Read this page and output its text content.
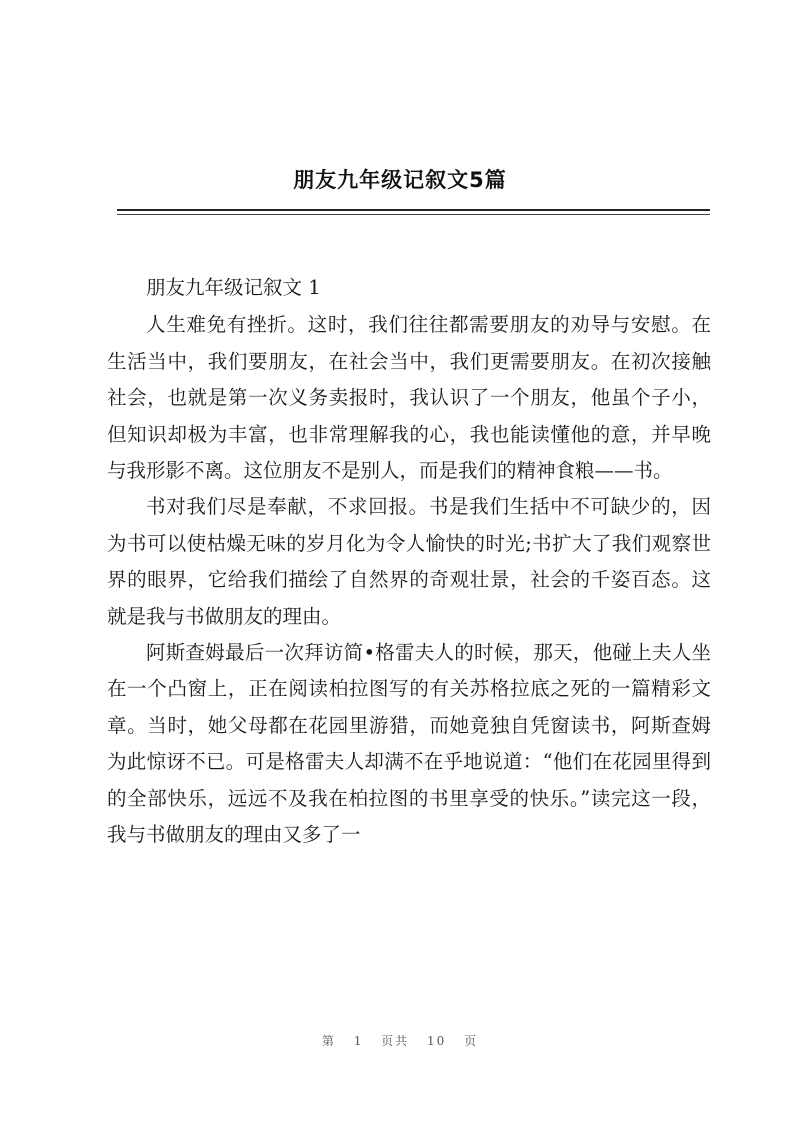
朋友九年级记叙文5篇

朋友九年级记叙文 1

人生难免有挫折。这时，我们往往都需要朋友的劝导与安慰。在生活当中，我们要朋友，在社会当中，我们更需要朋友。在初次接触社会，也就是第一次义务卖报时，我认识了一个朋友，他虽个子小，但知识却极为丰富，也非常理解我的心，我也能读懂他的意，并早晚与我形影不离。这位朋友不是别人，而是我们的精神食粮——书。

书对我们尽是奉献，不求回报。书是我们生括中不可缺少的，因为书可以使枯燥无味的岁月化为令人愉快的时光;书扩大了我们观察世界的眼界，它给我们描绘了自然界的奇观壮景，社会的千姿百态。这就是我与书做朋友的理由。

阿斯查姆最后一次拜访简•格雷夫人的时候，那天，他碰上夫人坐在一个凸窗上，正在阅读柏拉图写的有关苏格拉底之死的一篇精彩文章。当时，她父母都在花园里游猎，而她竟独自凭窗读书，阿斯查姆为此惊讶不已。可是格雷夫人却满不在乎地说道：“他们在花园里得到的全部快乐，远远不及我在柏拉图的书里享受的快乐。”读完这一段，我与书做朋友的理由又多了一

第 1 页共 10 页
